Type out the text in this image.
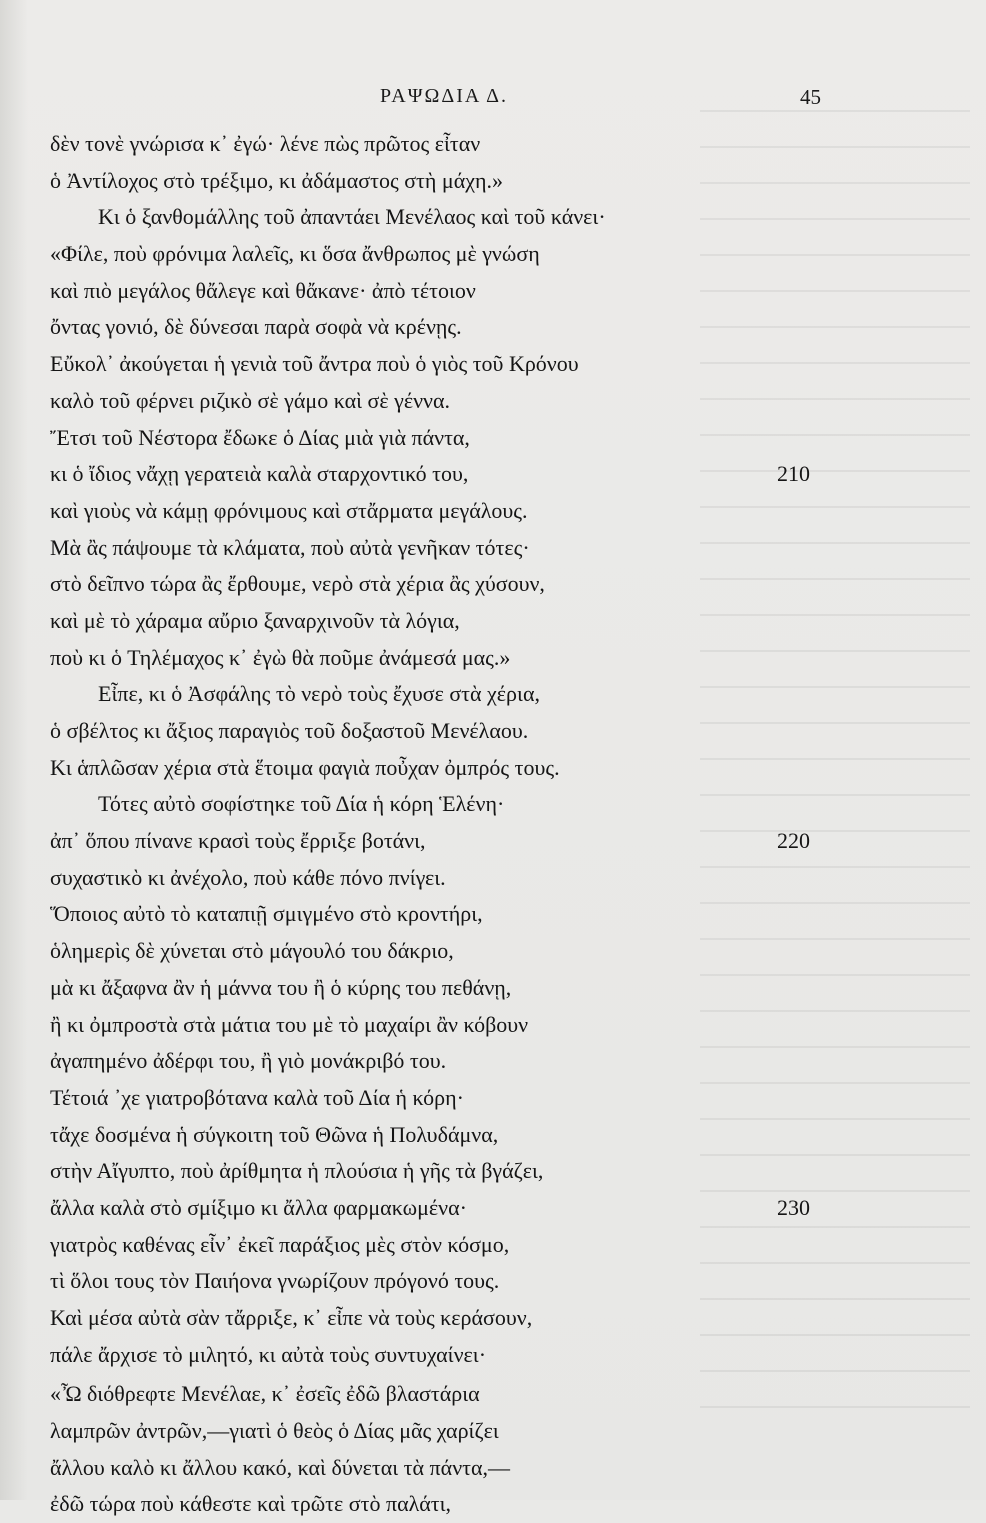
ΡΑΨΩΔΙΑ Δ.	45
δὲν τονὲ γνώρισα κ᾽ ἐγώ· λένε πὼς πρῶτος εἶταν
ὁ Ἀντίλοχος στὸ τρέξιμο, κι ἀδάμαστος στὴ μάχη.»
Κι ὁ ξανθομάλλης τοῦ ἀπαντάει Μενέλαος καὶ τοῦ κάνει·
«Φίλε, ποὺ φρόνιμα λαλεῖς, κι ὅσα ἄνθρωπος μὲ γνώση
καὶ πιὸ μεγάλος θἄλεγε καὶ θἄκανε· ἀπὸ τέτοιον
ὄντας γονιό, δὲ δύνεσαι παρὰ σοφὰ νὰ κρένῃς.
Εὔκολ᾽ ἀκούγεται ἡ γενιὰ τοῦ ἄντρα ποὺ ὁ γιὸς τοῦ Κρόνου
καλὸ τοῦ φέρνει ριζικὸ σὲ γάμο καὶ σὲ γέννα.
Ἔτσι τοῦ Νέστορα ἔδωκε ὁ Δίας μιὰ γιὰ πάντα,
κι ὁ ἴδιος νἄχῃ γερατειὰ καλὰ σταρχοντικό του,	210
καὶ γιοὺς νὰ κάμῃ φρόνιμους καὶ στἄρματα μεγάλους.
Μὰ ἂς πάψουμε τὰ κλάματα, ποὺ αὐτὰ γενῆκαν τότες·
στὸ δεῖπνο τώρα ἂς ἔρθουμε, νερὸ στὰ χέρια ἂς χύσουν,
καὶ μὲ τὸ χάραμα αὔριο ξαναρχινοῦν τὰ λόγια,
ποὺ κι ὁ Τηλέμαχος κ᾽ ἐγὼ θὰ ποῦμε ἀνάμεσά μας.»
Εἶπε, κι ὁ Ἀσφάλης τὸ νερὸ τοὺς ἔχυσε στὰ χέρια,
ὁ σβέλτος κι ἄξιος παραγιὸς τοῦ δοξαστοῦ Μενέλαου.
Κι ἁπλῶσαν χέρια στὰ ἕτοιμα φαγιὰ ποὖχαν ὀμπρός τους.
Τότες αὐτὸ σοφίστηκε τοῦ Δία ἡ κόρη Ἑλένη·
ἀπ᾽ ὅπου πίνανε κρασὶ τοὺς ἔρριξε βοτάνι,	220
συχαστικὸ κι ἀνέχολο, ποὺ κάθε πόνο πνίγει.
Ὅποιος αὐτὸ τὸ καταπιῇ σμιγμένο στὸ κροντήρι,
ὁλημερὶς δὲ χύνεται στὸ μάγουλό του δάκριο,
μὰ κι ἄξαφνα ἂν ἡ μάννα του ἢ ὁ κύρης του πεθάνῃ,
ἢ κι ὀμπροστὰ στὰ μάτια του μὲ τὸ μαχαίρι ἂν κόβουν
ἀγαπημένο ἀδέρφι του, ἢ γιὸ μονάκριβό του.
Τέτοιά ᾽χε γιατροβότανα καλὰ τοῦ Δία ἡ κόρη·
τἄχε δοσμένα ἡ σύγκοιτη τοῦ Θῶνα ἡ Πολυδάμνα,
στὴν Αἴγυπτο, ποὺ ἀρίθμητα ἡ πλούσια ἡ γῆς τὰ βγάζει,
ἄλλα καλὰ στὸ σμίξιμο κι ἄλλα φαρμακωμένα·	230
γιατρὸς καθένας εἶν᾽ ἐκεῖ παράξιος μὲς στὸν κόσμο,
τὶ ὅλοι τους τὸν Παιήονα γνωρίζουν πρόγονό τους.
Καὶ μέσα αὐτὰ σὰν τἄρριξε, κ᾽ εἶπε νὰ τοὺς κεράσουν,
πάλε ἄρχισε τὸ μιλητό, κι αὐτὰ τοὺς συντυχαίνει·
«Ὦ διόθρεφτε Μενέλαε, κ᾽ ἐσεῖς ἐδῶ βλαστάρια
λαμπρῶν ἀντρῶν,—γιατὶ ὁ θεὸς ὁ Δίας μᾶς χαρίζει
ἄλλου καλὸ κι ἄλλου κακό, καὶ δύνεται τὰ πάντα,—
ἐδῶ τώρα ποὺ κάθεστε καὶ τρῶτε στὸ παλάτι,
